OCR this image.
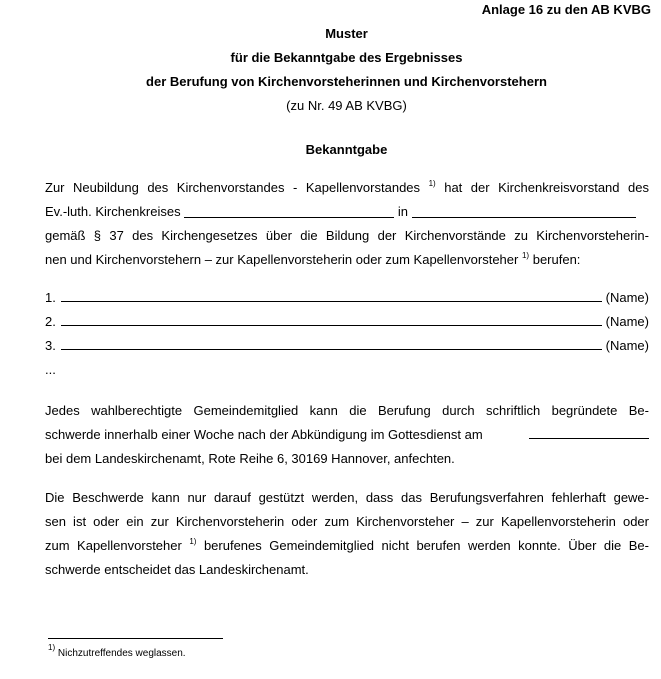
Anlage 16 zu den AB KVBG
Muster
für die Bekanntgabe des Ergebnisses
der Berufung von Kirchenvorsteherinnen und Kirchenvorstehern
(zu Nr. 49 AB KVBG)
Bekanntgabe
Zur Neubildung des Kirchenvorstandes - Kapellenvorstandes $^{1)}$ hat der Kirchenkreisvorstand des
Ev.-luth. Kirchenkreises	in
gemäß § 37 des Kirchengesetzes über die Bildung der Kirchenvorstände zu Kirchenvorsteherin-
nen und Kirchenvorstehern – zur Kapellenvorsteherin oder zum Kapellenvorsteher $^{1)}$ berufen:
1.	(Name)
2.	(Name)
3.	(Name)
...
Jedes wahlberechtigte Gemeindemitglied kann die Berufung durch schriftlich begründete Be-
schwerde innerhalb einer Woche nach der Abkündigung im Gottesdienst am
bei dem Landeskirchenamt, Rote Reihe 6, 30169 Hannover, anfechten.
Die Beschwerde kann nur darauf gestützt werden, dass das Berufungsverfahren fehlerhaft gewe-
sen ist oder ein zur Kirchenvorsteherin oder zum Kirchenvorsteher – zur Kapellenvorsteherin oder
zum Kapellenvorsteher $^{1)}$ berufenes Gemeindemitglied nicht berufen werden konnte. Über die Be-
schwerde entscheidet das Landeskirchenamt.
$^{1)}$ Nichzutreffendes weglassen.
